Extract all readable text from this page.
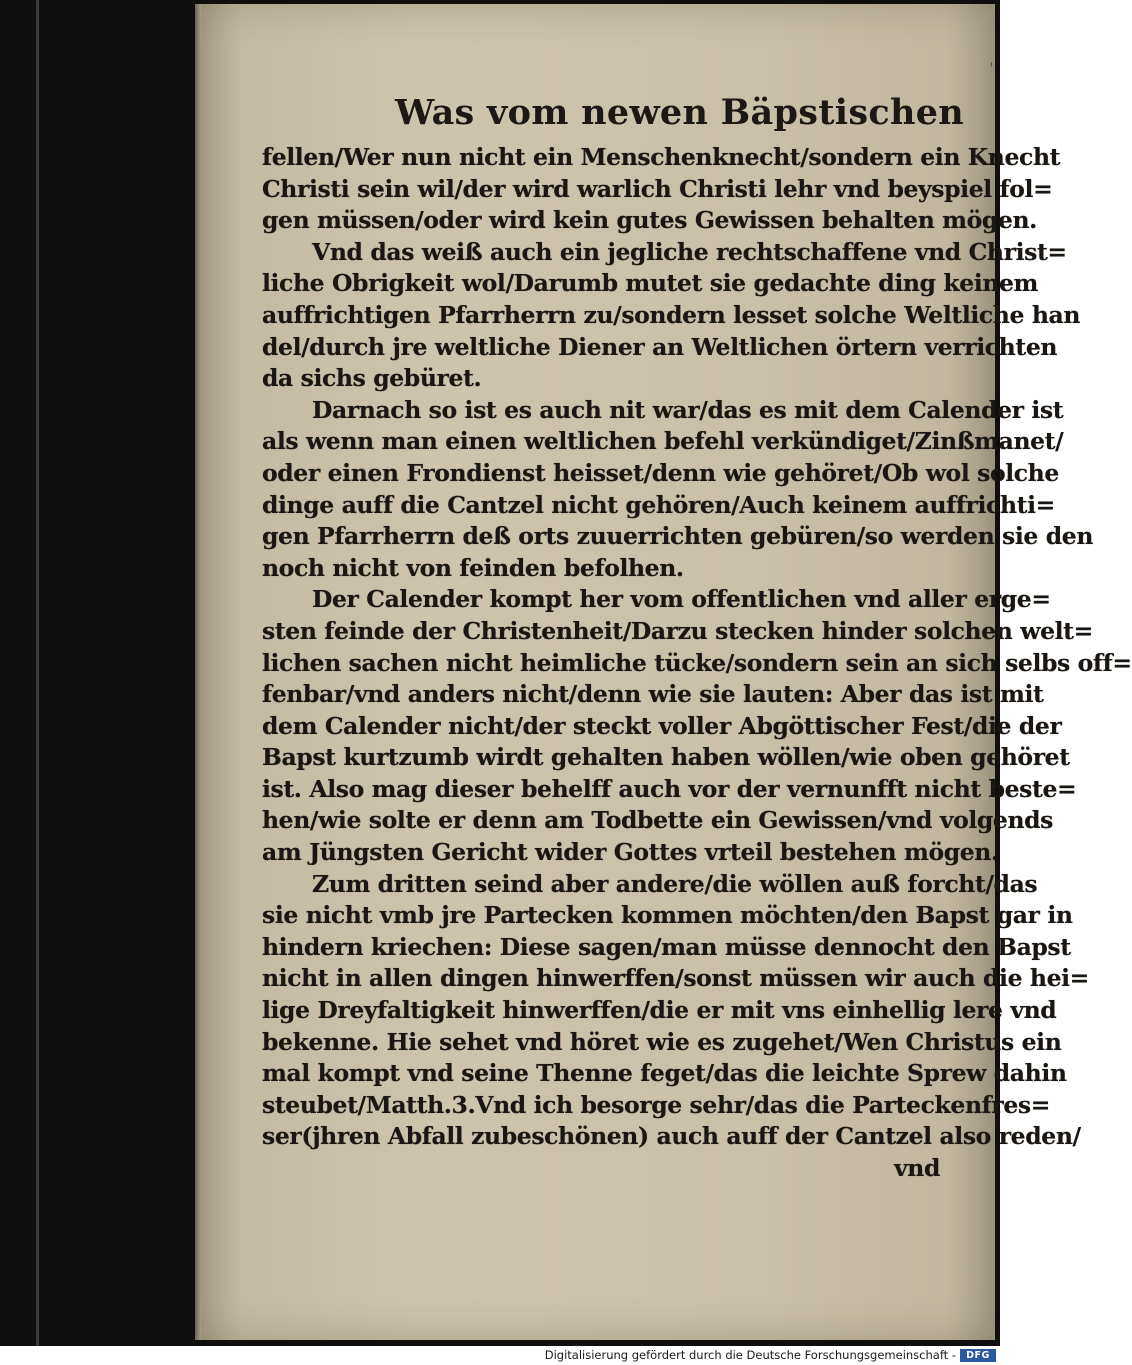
ˈ
Was vom newen Bäpstischen
fellen/Wer nun nicht ein Menschenknecht/sondern ein Knecht
Christi sein wil/der wird warlich Christi lehr vnd beyspiel fol=
gen müssen/oder wird kein gutes Gewissen behalten mögen.
Vnd das weiß auch ein jegliche rechtschaffene vnd Christ=
liche Obrigkeit wol/Darumb mutet sie gedachte ding keinem
auffrichtigen Pfarrherrn zu/sondern lesset solche Weltliche han
del/durch jre weltliche Diener an Weltlichen örtern verrichten
da sichs gebüret.
Darnach so ist es auch nit war/das es mit dem Calender ist
als wenn man einen weltlichen befehl verkündiget/Zinßmanet/
oder einen Frondienst heisset/denn wie gehöret/Ob wol solche
dinge auff die Cantzel nicht gehören/Auch keinem auffrichti=
gen Pfarrherrn deß orts zuuerrichten gebüren/so werden sie den
noch nicht von feinden befolhen.
Der Calender kompt her vom offentlichen vnd aller erge=
sten feinde der Christenheit/Darzu stecken hinder solchen welt=
lichen sachen nicht heimliche tücke/sondern sein an sich selbs off=
fenbar/vnd anders nicht/denn wie sie lauten: Aber das ist mit
dem Calender nicht/der steckt voller Abgöttischer Fest/die der
Bapst kurtzumb wirdt gehalten haben wöllen/wie oben gehöret
ist. Also mag dieser behelff auch vor der vernunfft nicht beste=
hen/wie solte er denn am Todbette ein Gewissen/vnd volgends
am Jüngsten Gericht wider Gottes vrteil bestehen mögen.
Zum dritten seind aber andere/die wöllen auß forcht/das
sie nicht vmb jre Partecken kommen möchten/den Bapst gar in
hindern kriechen: Diese sagen/man müsse dennocht den Bapst
nicht in allen dingen hinwerffen/sonst müssen wir auch die hei=
lige Dreyfaltigkeit hinwerffen/die er mit vns einhellig lere vnd
bekenne. Hie sehet vnd höret wie es zugehet/Wen Christus ein
mal kompt vnd seine Thenne feget/das die leichte Sprew dahin
steubet/Matth.3.Vnd ich besorge sehr/das die Parteckenfres=
ser(jhren Abfall zubeschönen) auch auff der Cantzel also reden/
vnd
Digitalisierung gefördert durch die Deutsche Forschungsgemeinschaft -	DFG
